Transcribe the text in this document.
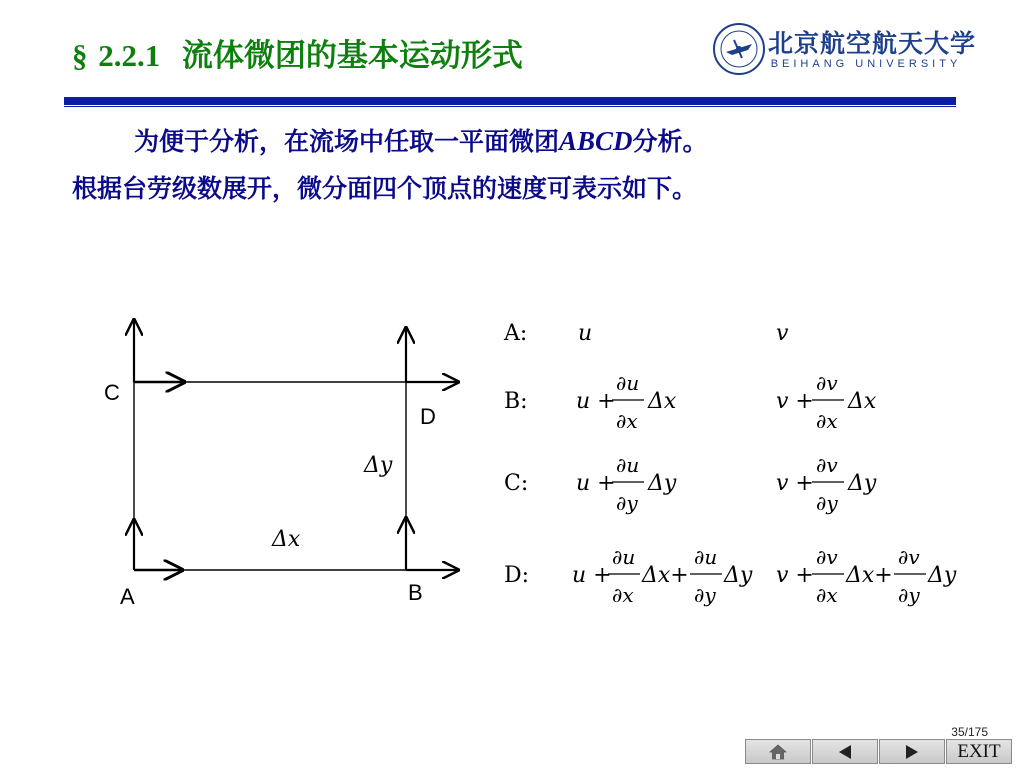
§ 2.2.1 流体微团的基本运动形式	北京航空航天大学
BEIHANG UNIVERSITY
为便于分析，在流场中任取一平面微团ABCD分析。
根据台劳级数展开，微分面四个顶点的速度可表示如下。
C
D
A	B
Δy
Δx
A: u	v
B: u +
∂u
∂x
Δx	v +
∂v
∂x
Δx
C: u +
∂u
∂y
Δy	v +
∂v
∂y
Δy
D: u +
∂u
∂x
Δx+
∂u
∂y
Δy v +
∂v
∂x
Δx+
∂v
∂y
Δy
35/175
EXIT
